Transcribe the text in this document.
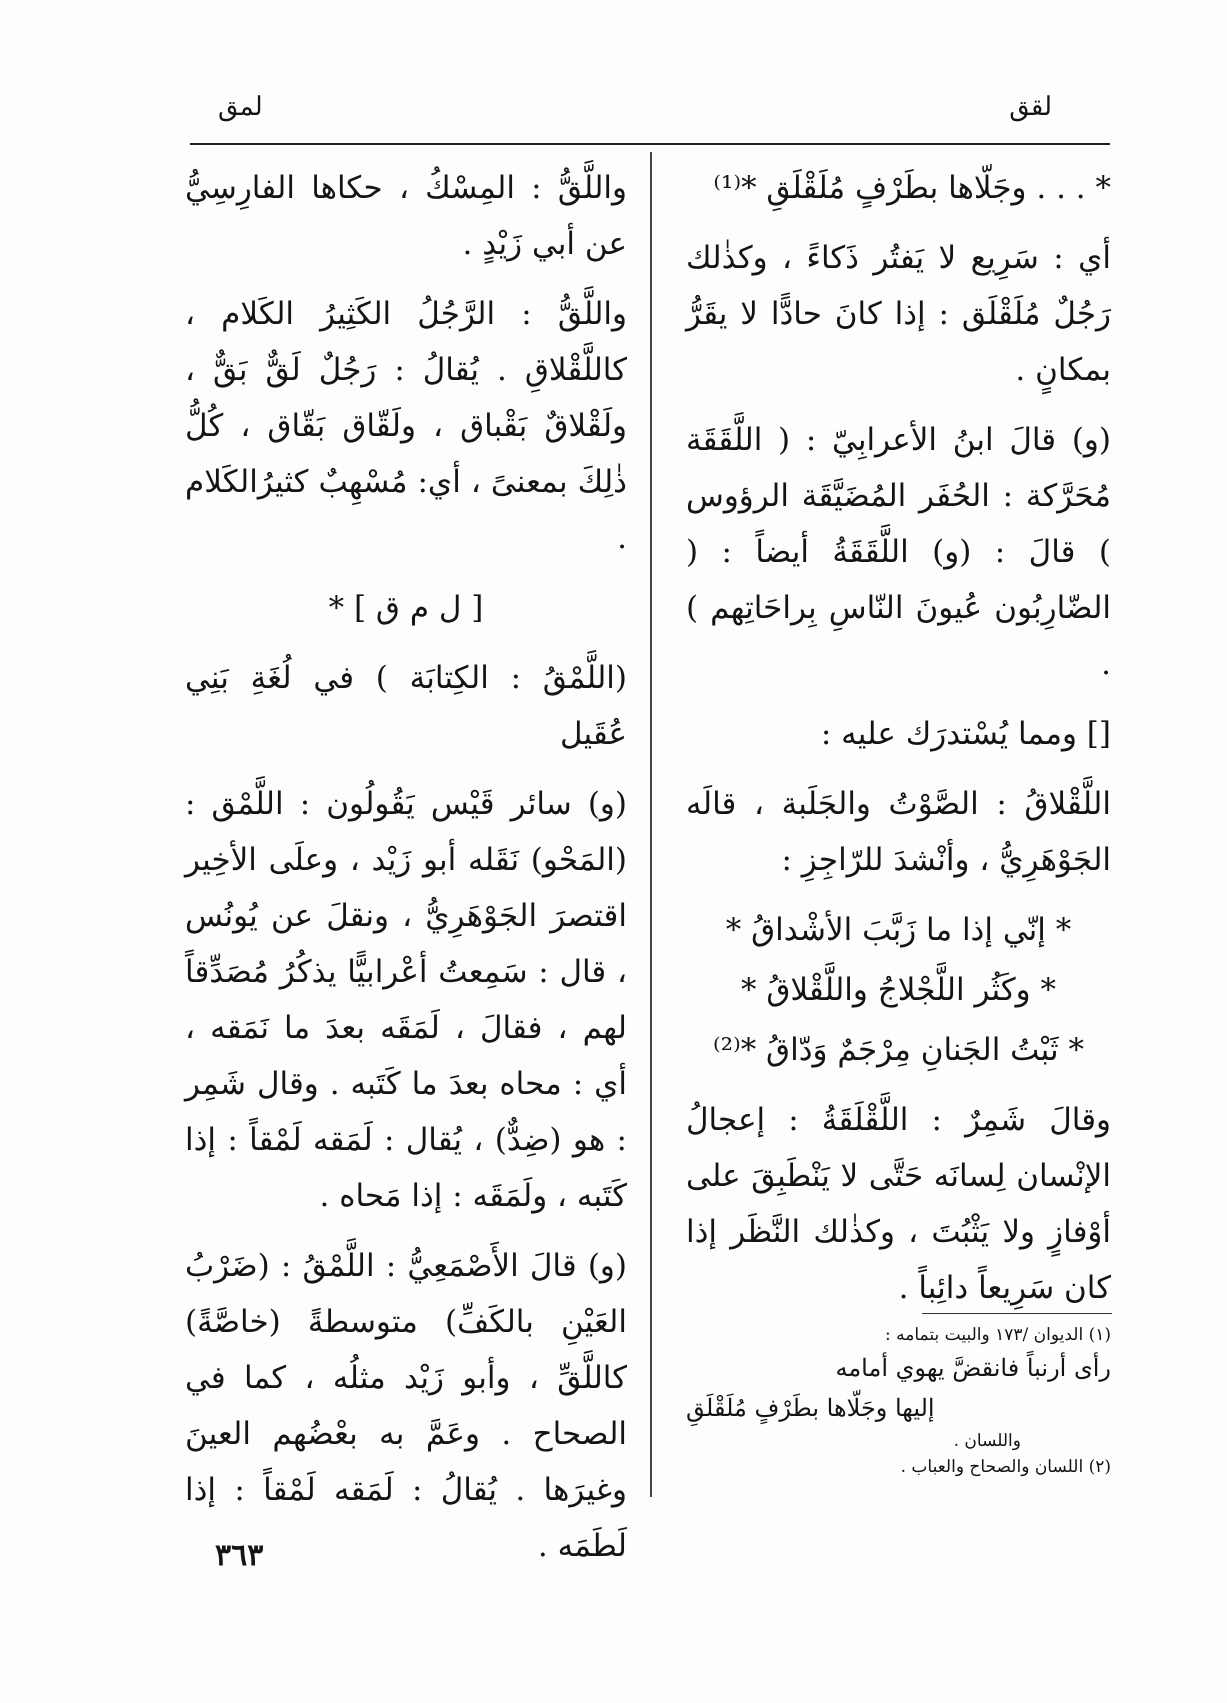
لقق
لمق

* . . . وجَلّاها بطَرْفٍ مُلَقْلَقِ *⁽¹⁾

أي : سَرِيع لا يَفتُر ذَكاءً ، وكذٰلك رَجُلٌ مُلَقْلَق : إذا كانَ حادًّا لا يقَرُّ بمكانٍ .

(و) قالَ ابنُ الأعرابِيّ : ( اللَّقَقَة مُحَرَّكة : الحُفَر المُضَيَّقَة الرؤوس ) قالَ : (و) اللَّقَقَةُ أيضاً : ( الضّارِبُون عُيونَ النّاسِ بِراحَاتِهم ) .

[] ومما يُسْتدرَك عليه :

اللَّقْلاقُ : الصَّوْتُ والجَلَبة ، قالَه الجَوْهَرِيُّ ، وأنْشدَ للرّاجِزِ :

* إنّي إذا ما زَبَّبَ الأشْداقُ *

* وكَثُر اللَّجْلاجُ واللَّقْلاقُ *

* ثَبْتُ الجَنانِ مِرْجَمٌ وَدّاقُ *⁽²⁾

وقالَ شَمِرٌ : اللَّقْلَقَةُ : إعجالُ الإنْسان لِسانَه حَتَّى لا يَنْطَبِقَ على أوْفازٍ ولا يَثْبُتَ ، وكذٰلك النَّظَر إذا كان سَرِيعاً دائِباً .

(١) الديوان /١٧٣ والبيت بتمامه :

رأى أرنباً فانقضَّ يهوي أمامه

إليها وجَلّاها بطَرْفٍ مُلَقْلَقِ

واللسان .

(٢) اللسان والصحاح والعباب .

واللَّقُّ : المِسْكُ ، حكاها الفارِسِيُّ عن أبي زَيْدٍ .

واللَّقُّ : الرَّجُلُ الكَثِيرُ الكَلام ، كاللَّقْلاقِ . يُقالُ : رَجُلٌ لَقٌّ بَقٌّ ، ولَقْلاقٌ بَقْباق ، ولَقّاق بَقّاق ، كُلُّ ذٰلِكَ بمعنىً ، أي: مُسْهِبٌ كثيرُالكَلام .

[ ل م ق ] *

(اللَّمْقُ : الكِتابَة ) في لُغَةِ بَنِي عُقَيل

(و) سائر قَيْس يَقُولُون : اللَّمْق : (المَحْو) نَقَله أبو زَيْد ، وعلَى الأخِير اقتصرَ الجَوْهَرِيُّ ، ونقلَ عن يُونُس ، قال : سَمِعتُ أعْرابيًّا يذكُرُ مُصَدِّقاً لهم ، فقالَ ، لَمَقَه بعدَ ما نَمَقه ، أي : محاه بعدَ ما كَتَبه . وقال شَمِر : هو (ضِدٌّ) ، يُقال : لَمَقه لَمْقاً : إذا كَتَبه ، ولَمَقَه : إذا مَحاه .

(و) قالَ الأَصْمَعِيُّ : اللَّمْقُ : (ضَرْبُ العَيْنِ بالكَفِّ) متوسطةً (خاصَّةً) كاللَّقِّ ، وأبو زَيْد مثلُه ، كما في الصحاح . وعَمَّ به بعْضُهم العينَ وغيرَها . يُقالُ : لَمَقه لَمْقاً : إذا لَطَمَه .

٣٦٣
